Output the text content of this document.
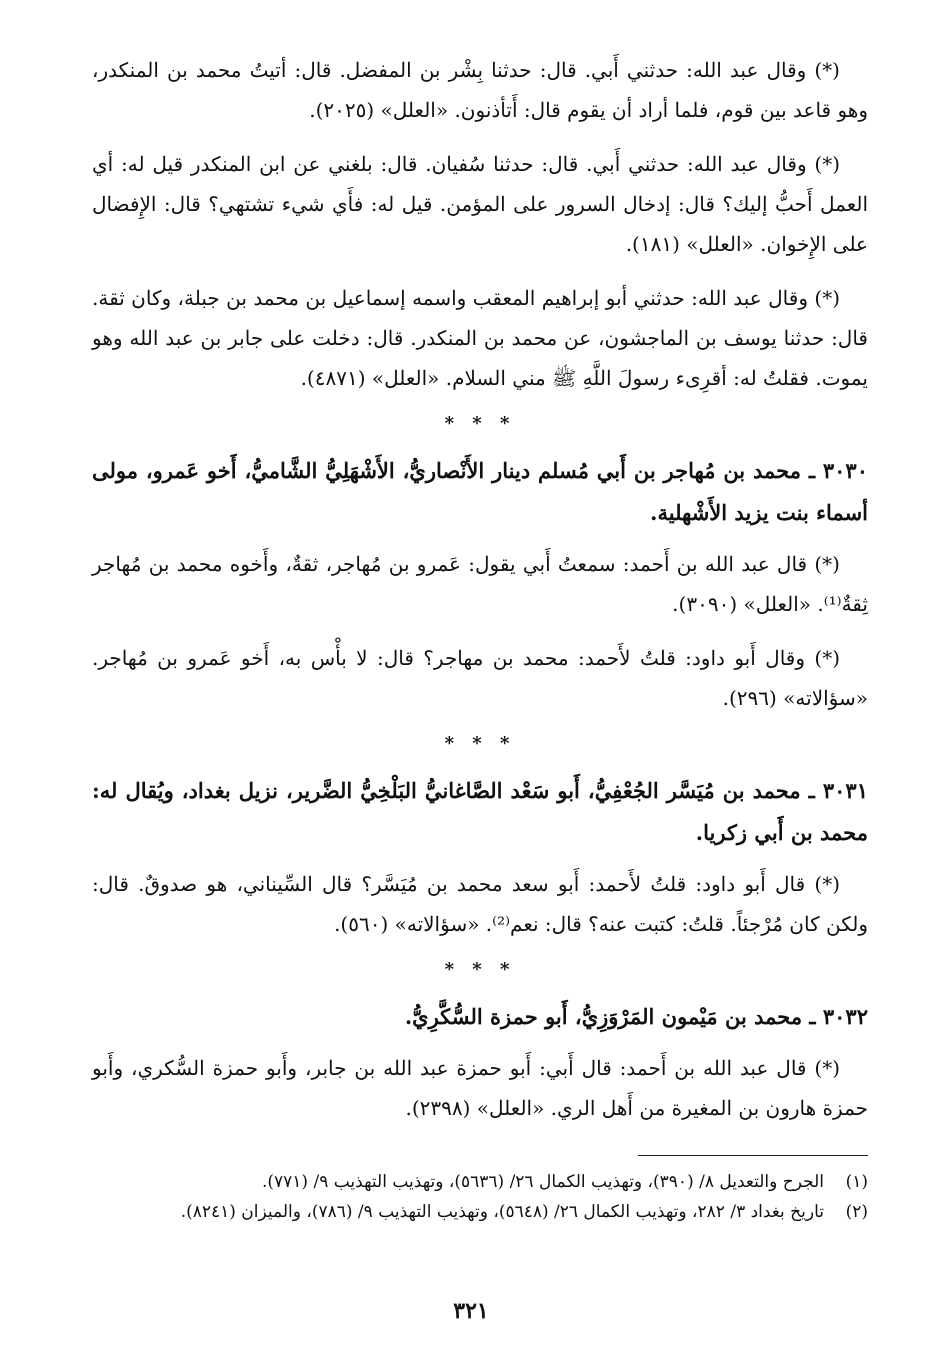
(*) وقال عبد الله: حدثني أَبي. قال: حدثنا بِشْر بن المفضل. قال: أتيتُ محمد بن المنكدر، وهو قاعد بين قوم، فلما أراد أن يقوم قال: أَتأذنون. «العلل» (٢٠٢٥).

(*) وقال عبد الله: حدثني أَبي. قال: حدثنا سُفيان. قال: بلغني عن ابن المنكدر قيل له: أي العمل أَحبُّ إليك؟ قال: إدخال السرور على المؤمن. قيل له: فأَي شيء تشتهي؟ قال: الإِفضال على الإِخوان. «العلل» (١٨١).

(*) وقال عبد الله: حدثني أبو إبراهيم المعقب واسمه إسماعيل بن محمد بن جبلة، وكان ثقة. قال: حدثنا يوسف بن الماجشون، عن محمد بن المنكدر. قال: دخلت على جابر بن عبد الله وهو يموت. فقلتُ له: أقرِىء رسولَ اللَّهِ ﷺ مني السلام. «العلل» (٤٨٧١).

* * *
٣٠٣٠ ـ محمد بن مُهاجر بن أَبي مُسلم دينار الأَنْصاريُّ، الأَشْهَلِيُّ الشَّاميُّ، أَخو عَمرو، مولى أسماء بنت يزيد الأَشْهلية.

(*) قال عبد الله بن أَحمد: سمعتُ أَبي يقول: عَمرو بن مُهاجر، ثقةٌ، وأَخوه محمد بن مُهاجر ثِقةٌ⁽¹⁾. «العلل» (٣٠٩٠).

(*) وقال أَبو داود: قلتُ لأَحمد: محمد بن مهاجر؟ قال: لا بأْس به، أَخو عَمرو بن مُهاجر. «سؤالاته» (٢٩٦).

* * *
٣٠٣١ ـ محمد بن مُيَسَّر الجُعْفِيُّ، أَبو سَعْد الصَّاغانيُّ البَلْخِيُّ الضَّرير، نزيل بغداد، ويُقال له: محمد بن أَبي زكريا.

(*) قال أَبو داود: قلتُ لأَحمد: أَبو سعد محمد بن مُيَسَّر؟ قال السِّيناني، هو صدوقٌ. قال: ولكن كان مُرْجئاً. قلتُ: كتبت عنه؟ قال: نعم⁽²⁾. «سؤالاته» (٥٦٠).

* * *
٣٠٣٢ ـ محمد بن مَيْمون المَرْوَزِيُّ، أَبو حمزة السُّكَّرِيُّ.

(*) قال عبد الله بن أَحمد: قال أَبي: أَبو حمزة عبد الله بن جابر، وأَبو حمزة السُّكري، وأَبو حمزة هارون بن المغيرة من أَهل الري. «العلل» (٢٣٩٨).

(١)
الجرح والتعديل ٨/ (٣٩٠)، وتهذيب الكمال ٢٦/ (٥٦٣٦)، وتهذيب التهذيب ٩/ (٧٧١).

(٢)
تاريخ بغداد ٣/ ٢٨٢، وتهذيب الكمال ٢٦/ (٥٦٤٨)، وتهذيب التهذيب ٩/ (٧٨٦)، والميزان (٨٢٤١).

٣٢١
